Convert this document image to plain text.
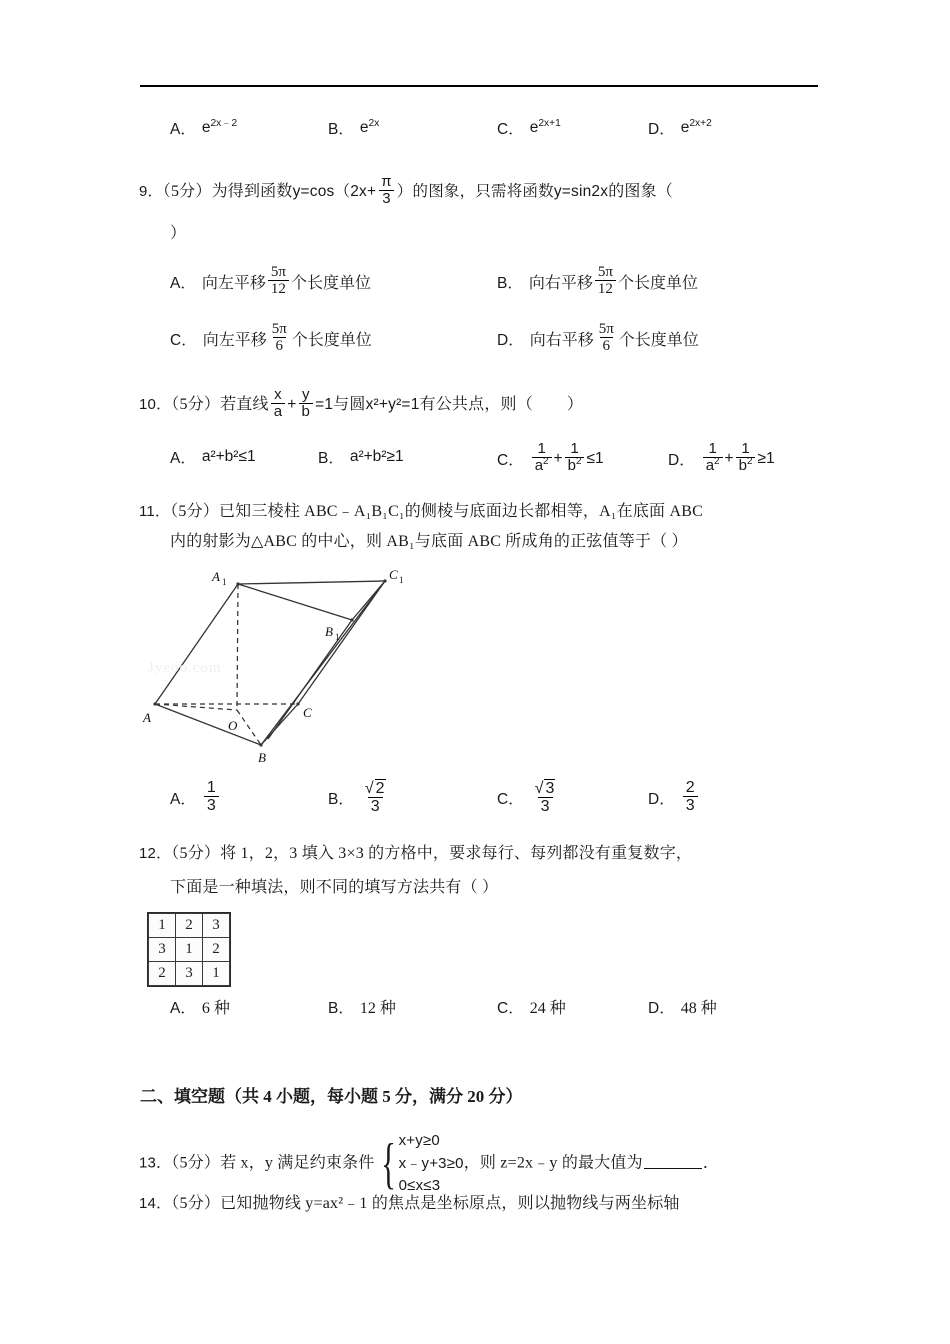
A． $e^{2x﹣2}$	B． $e^{2x}$	C． $e^{2x+1}$	D． $e^{2x+2}$
9．（5分）为得到函数$y=\cos(2x+ \frac{\pi}{3}$ ）的图象，只需将函数y=sin2x的图象（
）
A． 向左平移 $\frac{5\pi}{12}$ 个长度单位	B． 向右平移 $\frac{5\pi}{12}$ 个长度单位
C． 向左平移 $\frac{5\pi}{6}$ 个长度单位	D． 向右平移 $\frac{5\pi}{6}$ 个长度单位
10．（5分）若直线 $\frac{x}{a} + \frac{y}{b} =1$与圆x²+y²=1有公共点，则（ ）
A． a²+b²≤1	B． a²+b²≥1	C． $\frac{1}{a^2} + \frac{1}{b^2} \le 1$	D． $\frac{1}{a^2} + \frac{1}{b^2} \ge 1$
11．（5分）已知三棱柱 ABC﹣A₁B₁C₁的侧棱与底面边长都相等，A₁在底面 ABC
内的射影为△ABC 的中心，则 AB₁与底面 ABC 所成角的正弦值等于（ ）
A 1	C 1
B 1
A	C
B
O
Jyeoo.com
A． $\frac{1}{3}$	B． $\frac{√ 2}{3}$	C． $\frac{√ 3}{3}$	D． $\frac{2}{3}$
12．（5分）将 1，2，3 填入 3×3 的方格中，要求每行、每列都没有重复数字，
下面是一种填法，则不同的填写方法共有（ ）
1	2	3
3	1	2
2	3	1
A． 6 种	B． 12 种	C． 24 种	D． 48 种
二、填空题（共 4 小题，每小题 5 分，满分 20 分）
13．（5分）若 x，y 满足约束条件 { x+y≥0
x﹣y+3≥0
0≤x≤3
，则 z=2x﹣y 的最大值为	．
14．（5分）已知抛物线 y=ax²﹣1 的焦点是坐标原点，则以抛物线与两坐标轴
